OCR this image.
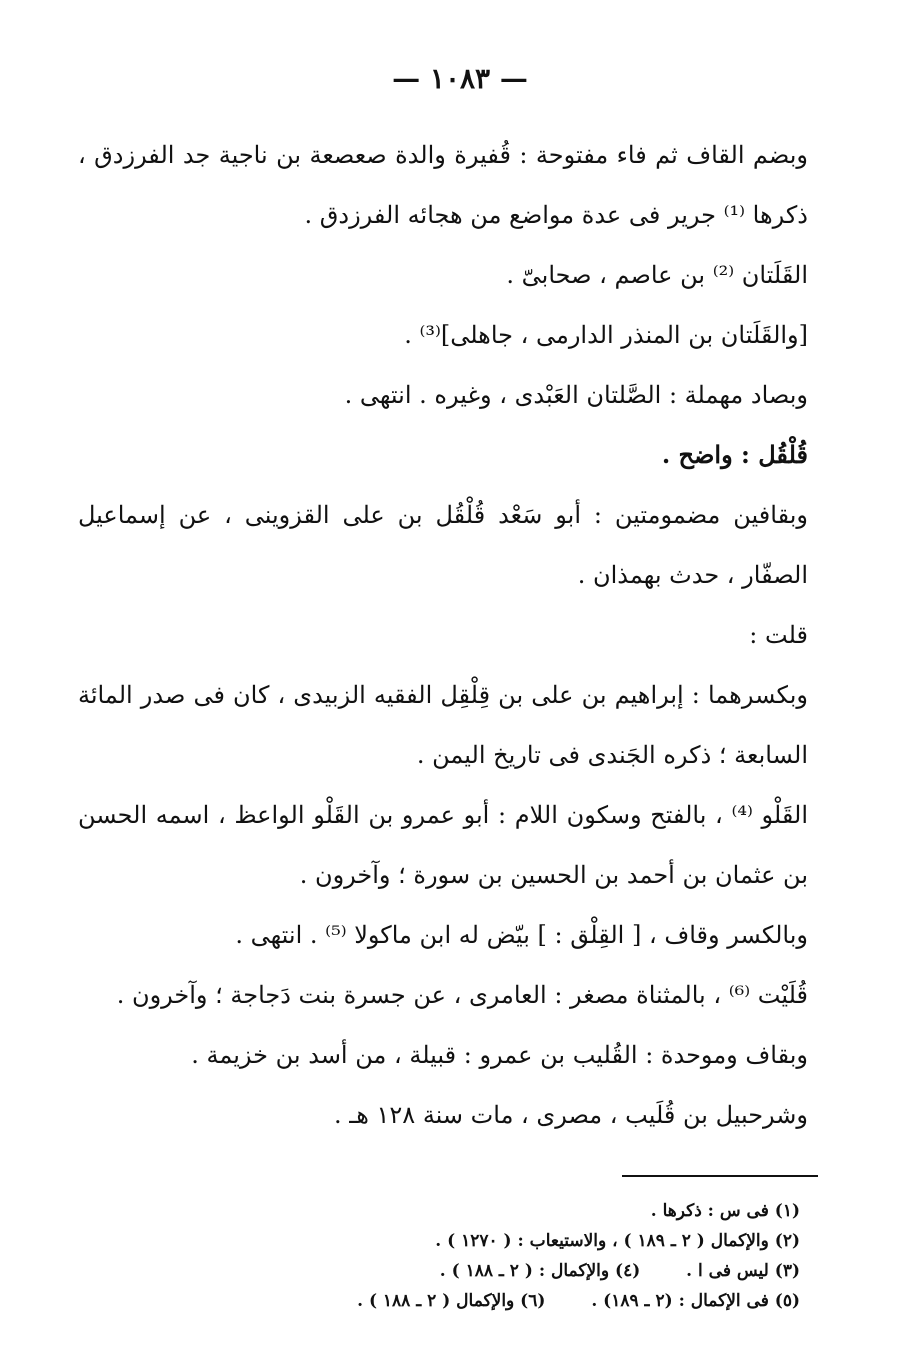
— ١٠٨٣ —

وبضم القاف ثم فاء مفتوحة : قُفيرة والدة صعصعة بن ناجية جد الفرزدق ، ذكرها ⁽¹⁾ جرير فى عدة مواضع من هجائه الفرزدق .

القَلَتان ⁽²⁾ بن عاصم ، صحابىّ .

[والقَلَتان بن المنذر الدارمى ، جاهلى]⁽³⁾ .

وبصاد مهملة : الصَّلتان العَبْدى ، وغيره . انتهى .

قُلْقُل : واضح .

وبقافين مضمومتين : أبو سَعْد قُلْقُل بن على القزوينى ، عن إسماعيل الصفّار ، حدث بهمذان .

قلت :

وبكسرهما : إبراهيم بن على بن قِلْقِل الفقيه الزبيدى ، كان فى صدر المائة السابعة ؛ ذكره الجَندى فى تاريخ اليمن .

القَلْو ⁽⁴⁾ ، بالفتح وسكون اللام : أبو عمرو بن القَلْو الواعظ ، اسمه الحسن بن عثمان بن أحمد بن الحسين بن سورة ؛ وآخرون .

وبالكسر وقاف ، [ القِلْق : ] بيّض له ابن ماكولا ⁽⁵⁾ . انتهى .

قُلَيْت ⁽⁶⁾ ، بالمثناة مصغر : العامرى ، عن جسرة بنت دَجاجة ؛ وآخرون .

وبقاف وموحدة : القُليب بن عمرو : قبيلة ، من أسد بن خزيمة .

وشرحبيل بن قُلَيب ، مصرى ، مات سنة ١٢٨ هـ .

(١) فى س : ذكرها .
(٢) والإكمال ( ٢ ـ ١٨٩ ) ، والاستيعاب : ( ١٢٧٠ ) .
(٣) ليس فى ا . (٤) والإكمال : ( ٢ ـ ١٨٨ ) .
(٥) فى الإكمال : (٢ ـ ١٨٩) . (٦) والإكمال ( ٢ ـ ١٨٨ ) .
